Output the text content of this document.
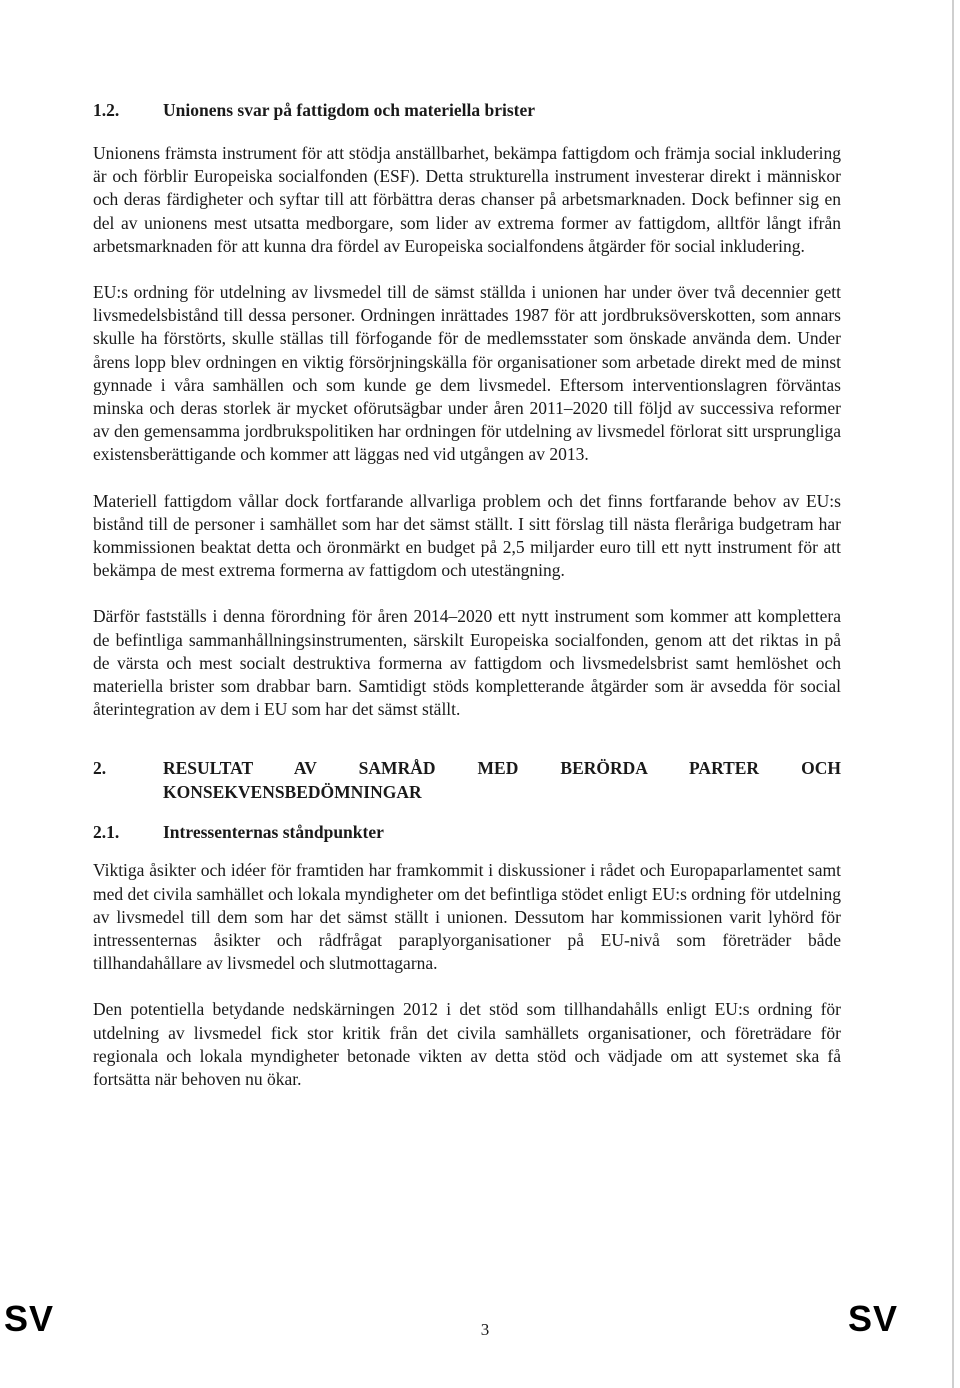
1.2.	Unionens svar på fattigdom och materiella brister

Unionens främsta instrument för att stödja anställbarhet, bekämpa fattigdom och främja social inkludering är och förblir Europeiska socialfonden (ESF). Detta strukturella instrument investerar direkt i människor och deras färdigheter och syftar till att förbättra deras chanser på arbetsmarknaden. Dock befinner sig en del av unionens mest utsatta medborgare, som lider av extrema former av fattigdom, alltför långt ifrån arbetsmarknaden för att kunna dra fördel av Europeiska socialfondens åtgärder för social inkludering.

EU:s ordning för utdelning av livsmedel till de sämst ställda i unionen har under över två decennier gett livsmedelsbistånd till dessa personer. Ordningen inrättades 1987 för att jordbruksöverskotten, som annars skulle ha förstörts, skulle ställas till förfogande för de medlemsstater som önskade använda dem. Under årens lopp blev ordningen en viktig försörjningskälla för organisationer som arbetade direkt med de minst gynnade i våra samhällen och som kunde ge dem livsmedel. Eftersom interventionslagren förväntas minska och deras storlek är mycket oförutsägbar under åren 2011–2020 till följd av successiva reformer av den gemensamma jordbrukspolitiken har ordningen för utdelning av livsmedel förlorat sitt ursprungliga existensberättigande och kommer att läggas ned vid utgången av 2013.

Materiell fattigdom vållar dock fortfarande allvarliga problem och det finns fortfarande behov av EU:s bistånd till de personer i samhället som har det sämst ställt. I sitt förslag till nästa fleråriga budgetram har kommissionen beaktat detta och öronmärkt en budget på 2,5 miljarder euro till ett nytt instrument för att bekämpa de mest extrema formerna av fattigdom och utestängning.

Därför fastställs i denna förordning för åren 2014–2020 ett nytt instrument som kommer att komplettera de befintliga sammanhållningsinstrumenten, särskilt Europeiska socialfonden, genom att det riktas in på de värsta och mest socialt destruktiva formerna av fattigdom och livsmedelsbrist samt hemlöshet och materiella brister som drabbar barn. Samtidigt stöds kompletterande åtgärder som är avsedda för social återintegration av dem i EU som har det sämst ställt.

2.	RESULTAT AV SAMRÅD MED BERÖRDA PARTER OCH
KONSEKVENSBEDÖMNINGAR
2.1.	Intressenternas ståndpunkter

Viktiga åsikter och idéer för framtiden har framkommit i diskussioner i rådet och Europaparlamentet samt med det civila samhället och lokala myndigheter om det befintliga stödet enligt EU:s ordning för utdelning av livsmedel till dem som har det sämst ställt i unionen. Dessutom har kommissionen varit lyhörd för intressenternas åsikter och rådfrågat paraplyorganisationer på EU-nivå som företräder både tillhandahållare av livsmedel och slutmottagarna.

Den potentiella betydande nedskärningen 2012 i det stöd som tillhandahålls enligt EU:s ordning för utdelning av livsmedel fick stor kritik från det civila samhällets organisationer, och företrädare för regionala och lokala myndigheter betonade vikten av detta stöd och vädjade om att systemet ska få fortsätta när behoven nu ökar.

SV	3	SV
